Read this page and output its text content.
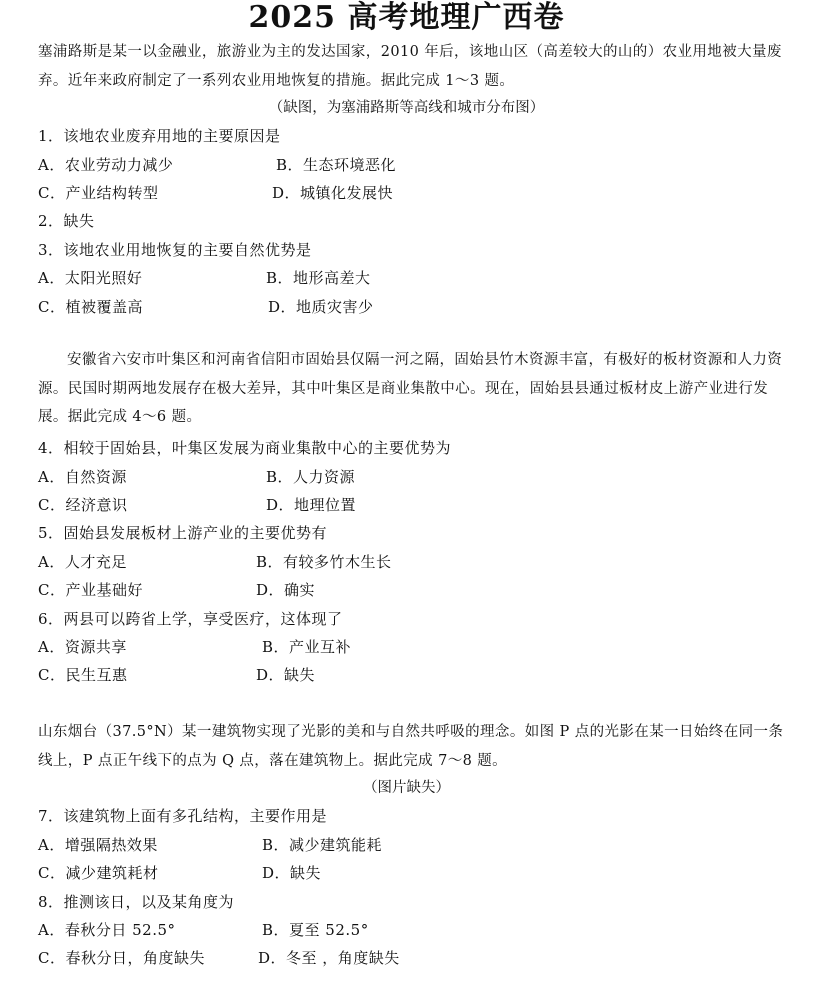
2025 高考地理广西卷

塞浦路斯是某一以金融业，旅游业为主的发达国家，2010 年后，该地山区（高差较大的山的）农业用地被大量废弃。近年来政府制定了一系列农业用地恢复的措施。据此完成 1～3 题。

（缺图，为塞浦路斯等高线和城市分布图）
1．该地农业废弃用地的主要原因是
A．农业劳动力减少	B．生态环境恶化
C．产业结构转型	D．城镇化发展快
2．缺失
3．该地农业用地恢复的主要自然优势是
A．太阳光照好	B．地形高差大
C．植被覆盖高	D．地质灾害少

安徽省六安市叶集区和河南省信阳市固始县仅隔一河之隔，固始县竹木资源丰富，有极好的板材资源和人力资源。民国时期两地发展存在极大差异，其中叶集区是商业集散中心。现在，固始县县通过板材皮上游产业进行发展。据此完成 4～6 题。

4．相较于固始县，叶集区发展为商业集散中心的主要优势为
A．自然资源	B．人力资源
C．经济意识	D．地理位置
5．固始县发展板材上游产业的主要优势有
A．人才充足	B．有较多竹木生长
C．产业基础好	D．确实
6．两县可以跨省上学，享受医疗，这体现了
A．资源共享	B．产业互补
C．民生互惠	D．缺失

山东烟台（37.5°N）某一建筑物实现了光影的美和与自然共呼吸的理念。如图 P 点的光影在某一日始终在同一条线上，P 点正午线下的点为 Q 点，落在建筑物上。据此完成 7～8 题。

（图片缺失）
7．该建筑物上面有多孔结构，主要作用是
A．增强隔热效果	B．减少建筑能耗
C．减少建筑耗材	D．缺失
8．推测该日，以及某角度为
A．春秋分日 52.5°	B．夏至 52.5°
C．春秋分日，角度缺失	D．冬至 ，角度缺失
